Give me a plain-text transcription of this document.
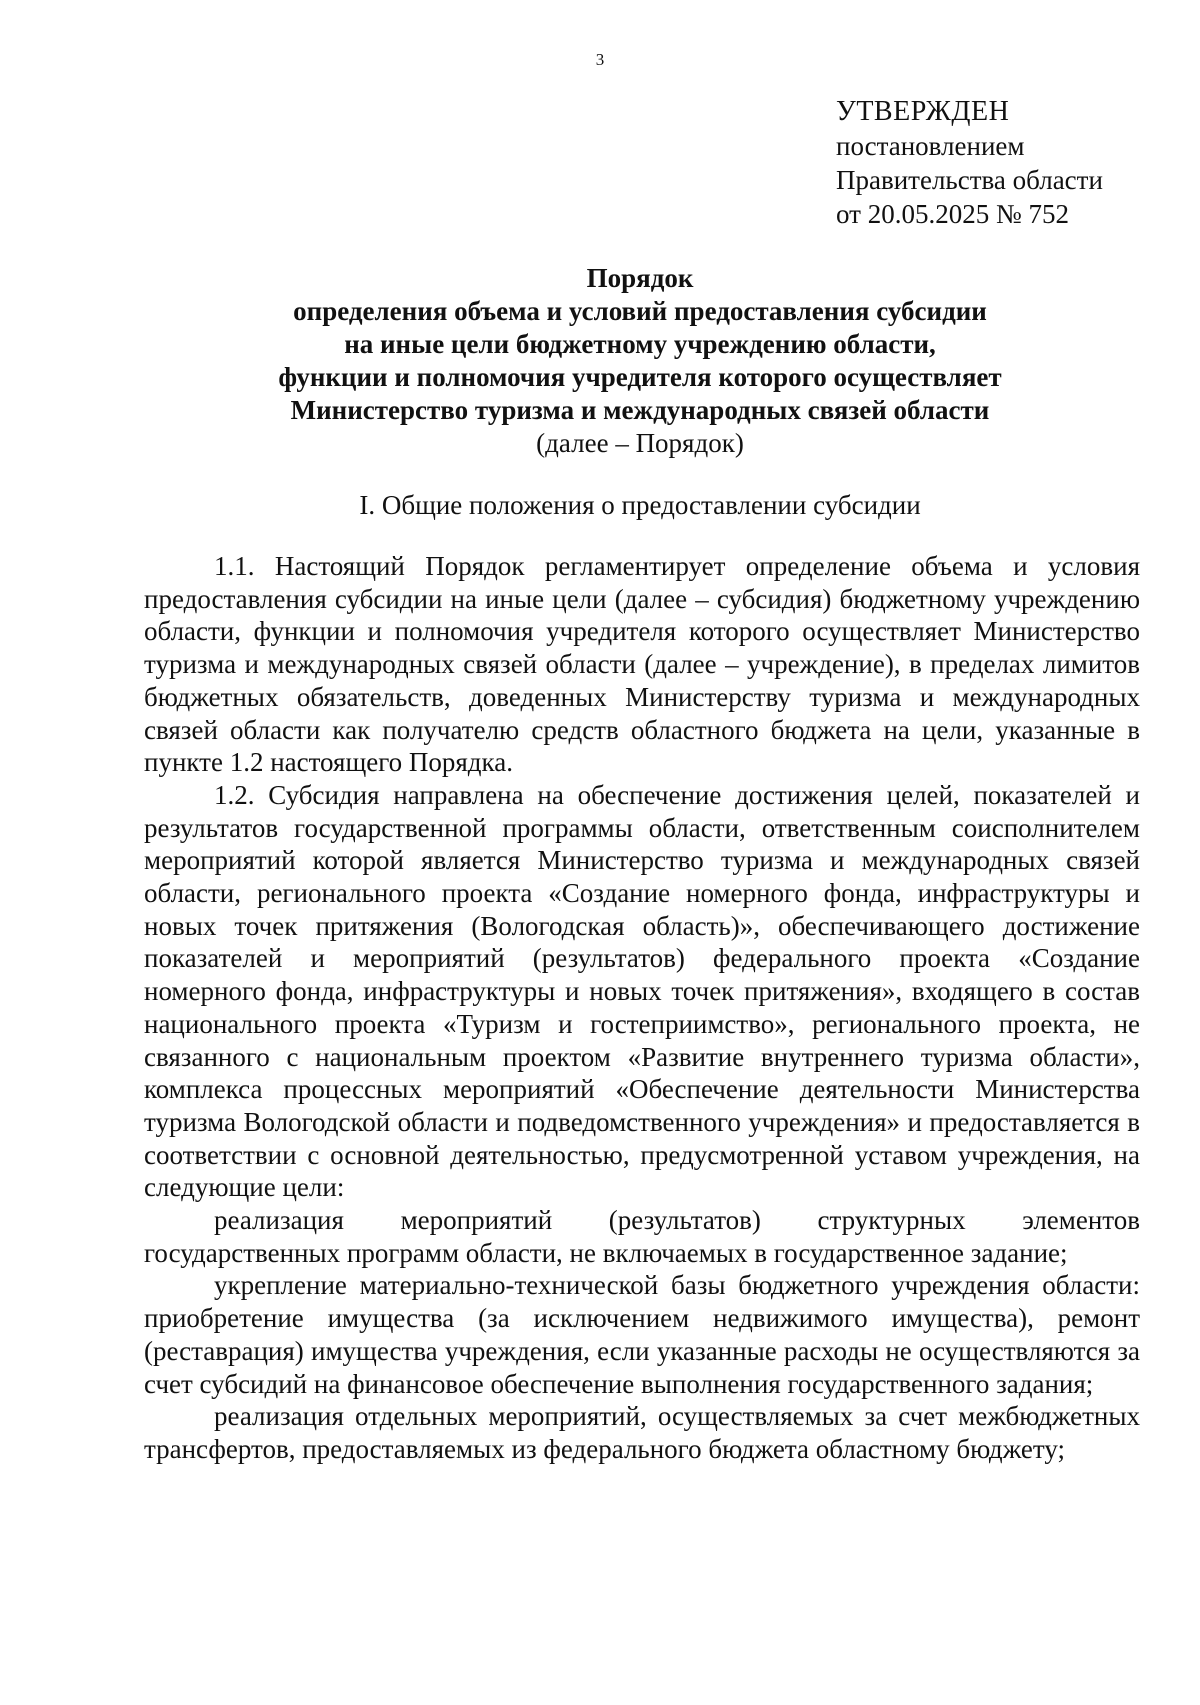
3
УТВЕРЖДЕН
постановлением
Правительства области
от 20.05.2025 № 752
Порядок
определения объема и условий предоставления субсидии
на иные цели бюджетному учреждению области,
функции и полномочия учредителя которого осуществляет
Министерство туризма и международных связей области
(далее – Порядок)
I. Общие положения о предоставлении субсидии

1.1. Настоящий Порядок регламентирует определение объема и условия предоставления субсидии на иные цели (далее – субсидия) бюджетному учреждению области, функции и полномочия учредителя которого осуществляет Министерство туризма и международных связей области (далее – учреждение), в пределах лимитов бюджетных обязательств, доведенных Министерству туризма и международных связей области как получателю средств областного бюджета на цели, указанные в пункте 1.2 настоящего Порядка.

1.2. Субсидия направлена на обеспечение достижения целей, показателей и результатов государственной программы области, ответственным соисполнителем мероприятий которой является Министерство туризма и международных связей области, регионального проекта «Создание номерного фонда, инфраструктуры и новых точек притяжения (Вологодская область)», обеспечивающего достижение показателей и мероприятий (результатов) федерального проекта «Создание номерного фонда, инфраструктуры и новых точек притяжения», входящего в состав национального проекта «Туризм и гостеприимство», регионального проекта, не связанного с национальным проектом «Развитие внутреннего туризма области», комплекса процессных мероприятий «Обеспечение деятельности Министерства туризма Вологодской области и подведомственного учреждения» и предоставляется в соответствии с основной деятельностью, предусмотренной уставом учреждения, на следующие цели:

реализация мероприятий (результатов) структурных элементов государственных программ области, не включаемых в государственное задание;

укрепление материально-технической базы бюджетного учреждения области: приобретение имущества (за исключением недвижимого имущества), ремонт (реставрация) имущества учреждения, если указанные расходы не осуществляются за счет субсидий на финансовое обеспечение выполнения государственного задания;

реализация отдельных мероприятий, осуществляемых за счет межбюджетных трансфертов, предоставляемых из федерального бюджета областному бюджету;
